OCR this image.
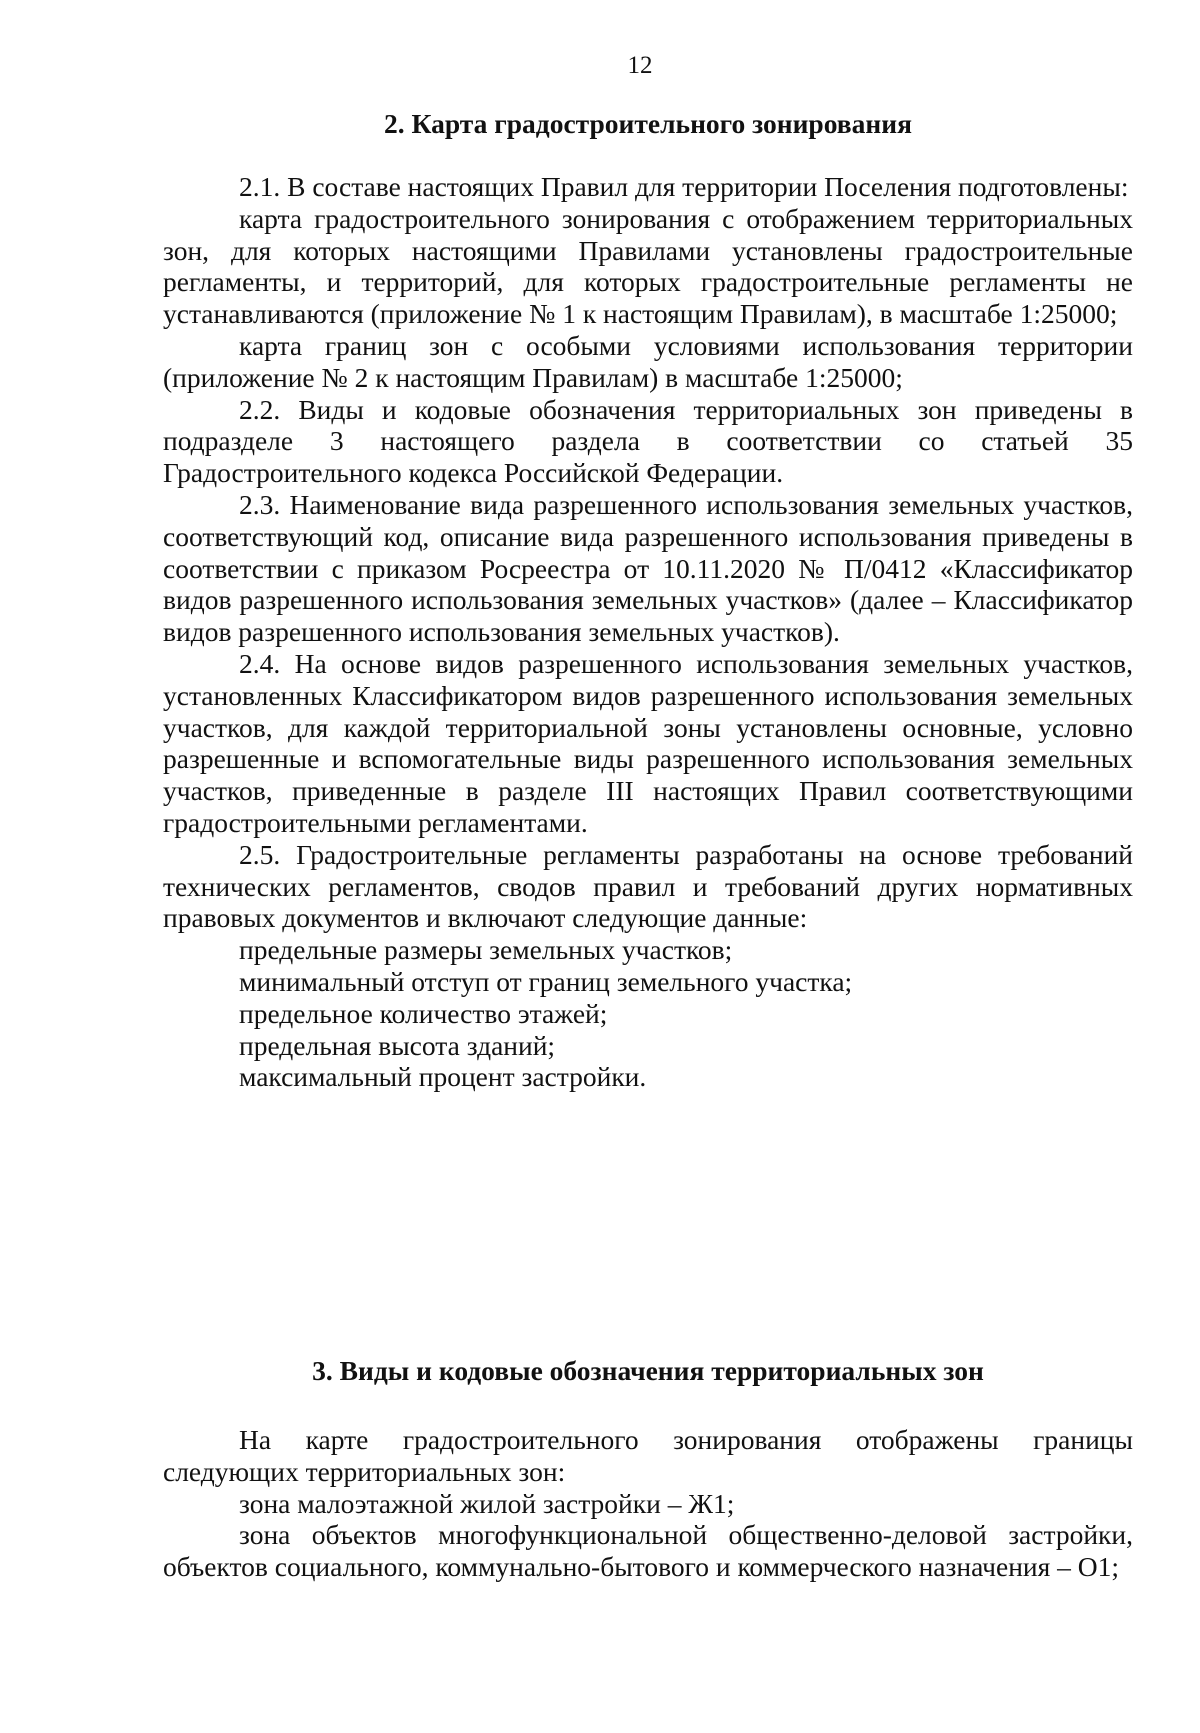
12
2. Карта градостроительного зонирования

2.1. В составе настоящих Правил для территории Поселения подготовлены:

карта градостроительного зонирования с отображением территориальных зон, для которых настоящими Правилами установлены градостроительные регламенты, и территорий, для которых градостроительные регламенты не устанавливаются (приложение № 1 к настоящим Правилам), в масштабе 1:25000;

карта границ зон с особыми условиями использования территории (приложение № 2 к настоящим Правилам) в масштабе 1:25000;

2.2. Виды и кодовые обозначения территориальных зон приведены в подразделе 3 настоящего раздела в соответствии со статьей 35 Градостроительного кодекса Российской Федерации.

2.3. Наименование вида разрешенного использования земельных участков, соответствующий код, описание вида разрешенного использования приведены в соответствии с приказом Росреестра от 10.11.2020 № П/0412 «Классификатор видов разрешенного использования земельных участков» (далее – Классификатор видов разрешенного использования земельных участков).

2.4. На основе видов разрешенного использования земельных участков, установленных Классификатором видов разрешенного использования земельных участков, для каждой территориальной зоны установлены основные, условно разрешенные и вспомогательные виды разрешенного использования земельных участков, приведенные в разделе III настоящих Правил соответствующими градостроительными регламентами.

2.5. Градостроительные регламенты разработаны на основе требований технических регламентов, сводов правил и требований других нормативных правовых документов и включают следующие данные:

предельные размеры земельных участков;

минимальный отступ от границ земельного участка;

предельное количество этажей;

предельная высота зданий;

максимальный процент застройки.

3. Виды и кодовые обозначения территориальных зон

На карте градостроительного зонирования отображены границы следующих территориальных зон:

зона малоэтажной жилой застройки – Ж1;

зона объектов многофункциональной общественно-деловой застройки, объектов социального, коммунально-бытового и коммерческого назначения – О1;
